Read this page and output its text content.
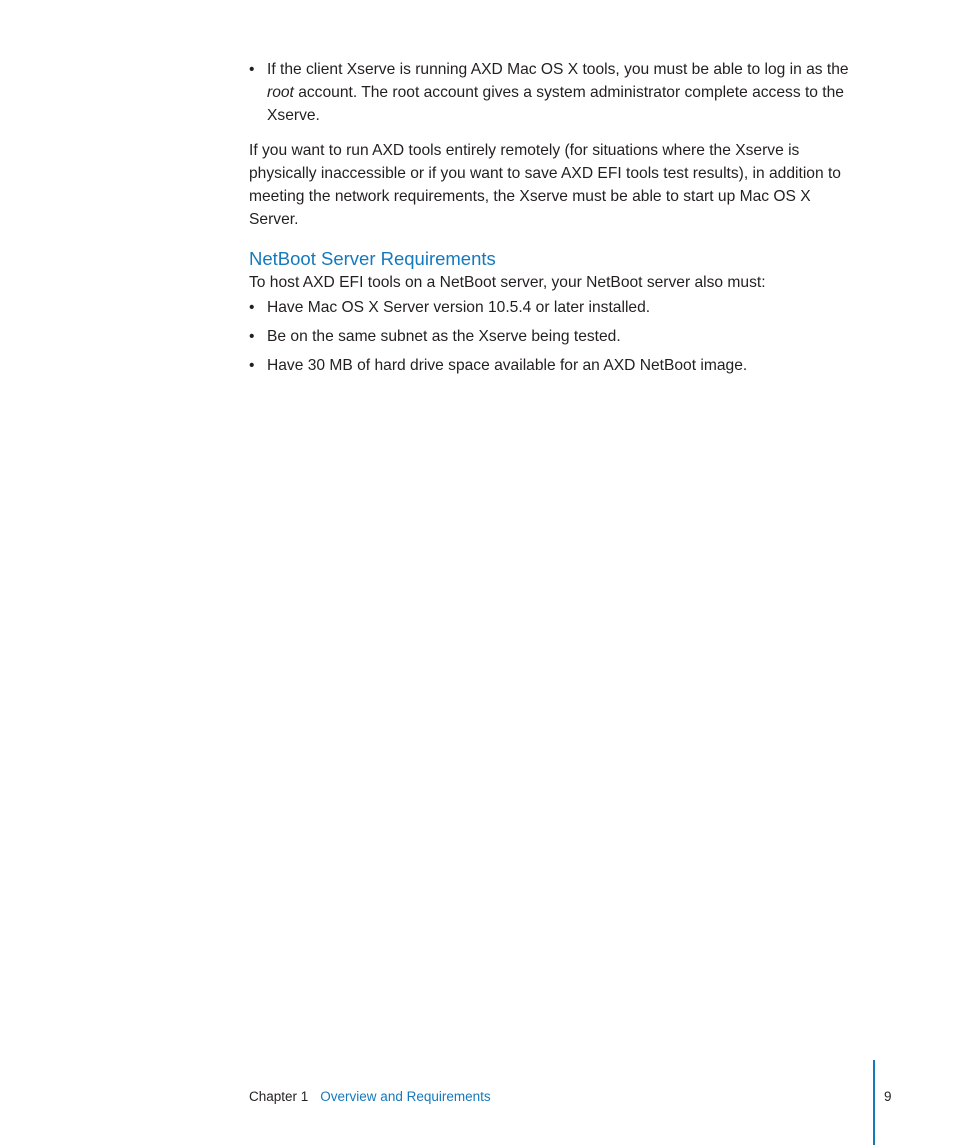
• If the client Xserve is running AXD Mac OS X tools, you must be able to log in as the root account. The root account gives a system administrator complete access to the Xserve.

If you want to run AXD tools entirely remotely (for situations where the Xserve is physically inaccessible or if you want to save AXD EFI tools test results), in addition to meeting the network requirements, the Xserve must be able to start up Mac OS X Server.

NetBoot Server Requirements

To host AXD EFI tools on a NetBoot server, your NetBoot server also must:

• Have Mac OS X Server version 10.5.4 or later installed.
• Be on the same subnet as the Xserve being tested.
• Have 30 MB of hard drive space available for an AXD NetBoot image.
Chapter 1 Overview and Requirements	9
